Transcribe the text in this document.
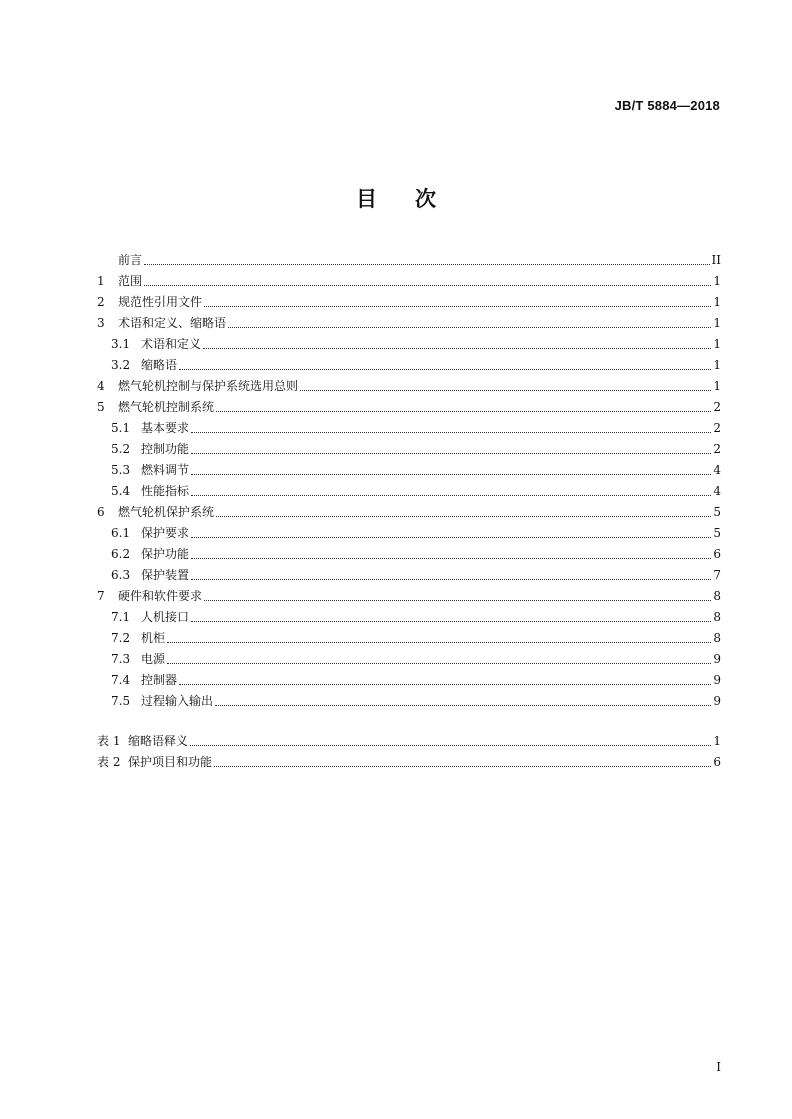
JB/T 5884—2018
目 次
前言	II
1	范围	1
2	规范性引用文件	1
3	术语和定义、缩略语	1
3.1 术语和定义	1
3.2 缩略语	1
4	燃气轮机控制与保护系统选用总则	1
5	燃气轮机控制系统	2
5.1 基本要求	2
5.2 控制功能	2
5.3 燃料调节	4
5.4 性能指标	4
6	燃气轮机保护系统	5
6.1 保护要求	5
6.2 保护功能	6
6.3 保护装置	7
7	硬件和软件要求	8
7.1 人机接口	8
7.2 机柜	8
7.3 电源	9
7.4 控制器	9
7.5 过程输入输出	9
表 1 缩略语释义	1
表 2 保护项目和功能	6
I
